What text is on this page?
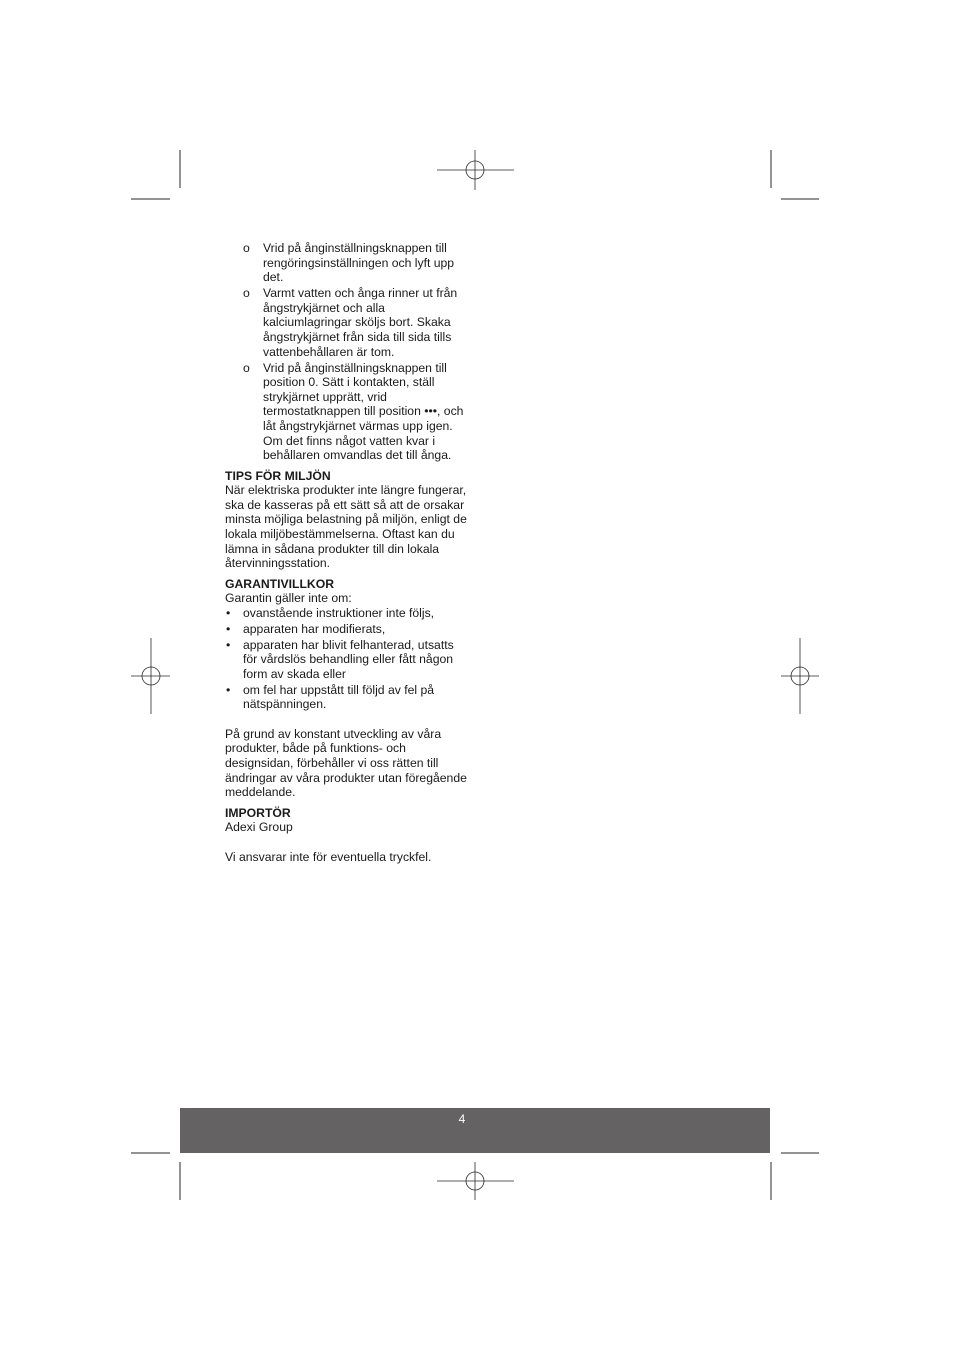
o Vrid på ånginställningsknappen till rengöringsinställningen och lyft upp det.
o Varmt vatten och ånga rinner ut från ångstrykjärnet och alla kalciumlagringar sköljs bort. Skaka ångstrykjärnet från sida till sida tills vattenbehållaren är tom.
o Vrid på ånginställningsknappen till position 0. Sätt i kontakten, ställ strykjärnet upprätt, vrid termostatknappen till position •••, och låt ångstrykjärnet värmas upp igen. Om det finns något vatten kvar i behållaren omvandlas det till ånga.
TIPS FÖR MILJÖN
När elektriska produkter inte längre fungerar, ska de kasseras på ett sätt så att de orsakar minsta möjliga belastning på miljön, enligt de lokala miljöbestämmelserna. Oftast kan du lämna in sådana produkter till din lokala återvinningsstation.
GARANTIVILLKOR
Garantin gäller inte om:
• ovanstående instruktioner inte följs,
• apparaten har modifierats,
• apparaten har blivit felhanterad, utsatts för vårdslös behandling eller fått någon form av skada eller
• om fel har uppstått till följd av fel på nätspänningen.
På grund av konstant utveckling av våra produkter, både på funktions- och designsidan, förbehåller vi oss rätten till ändringar av våra produkter utan föregående meddelande.
IMPORTÖR
Adexi Group
Vi ansvarar inte för eventuella tryckfel.
4
